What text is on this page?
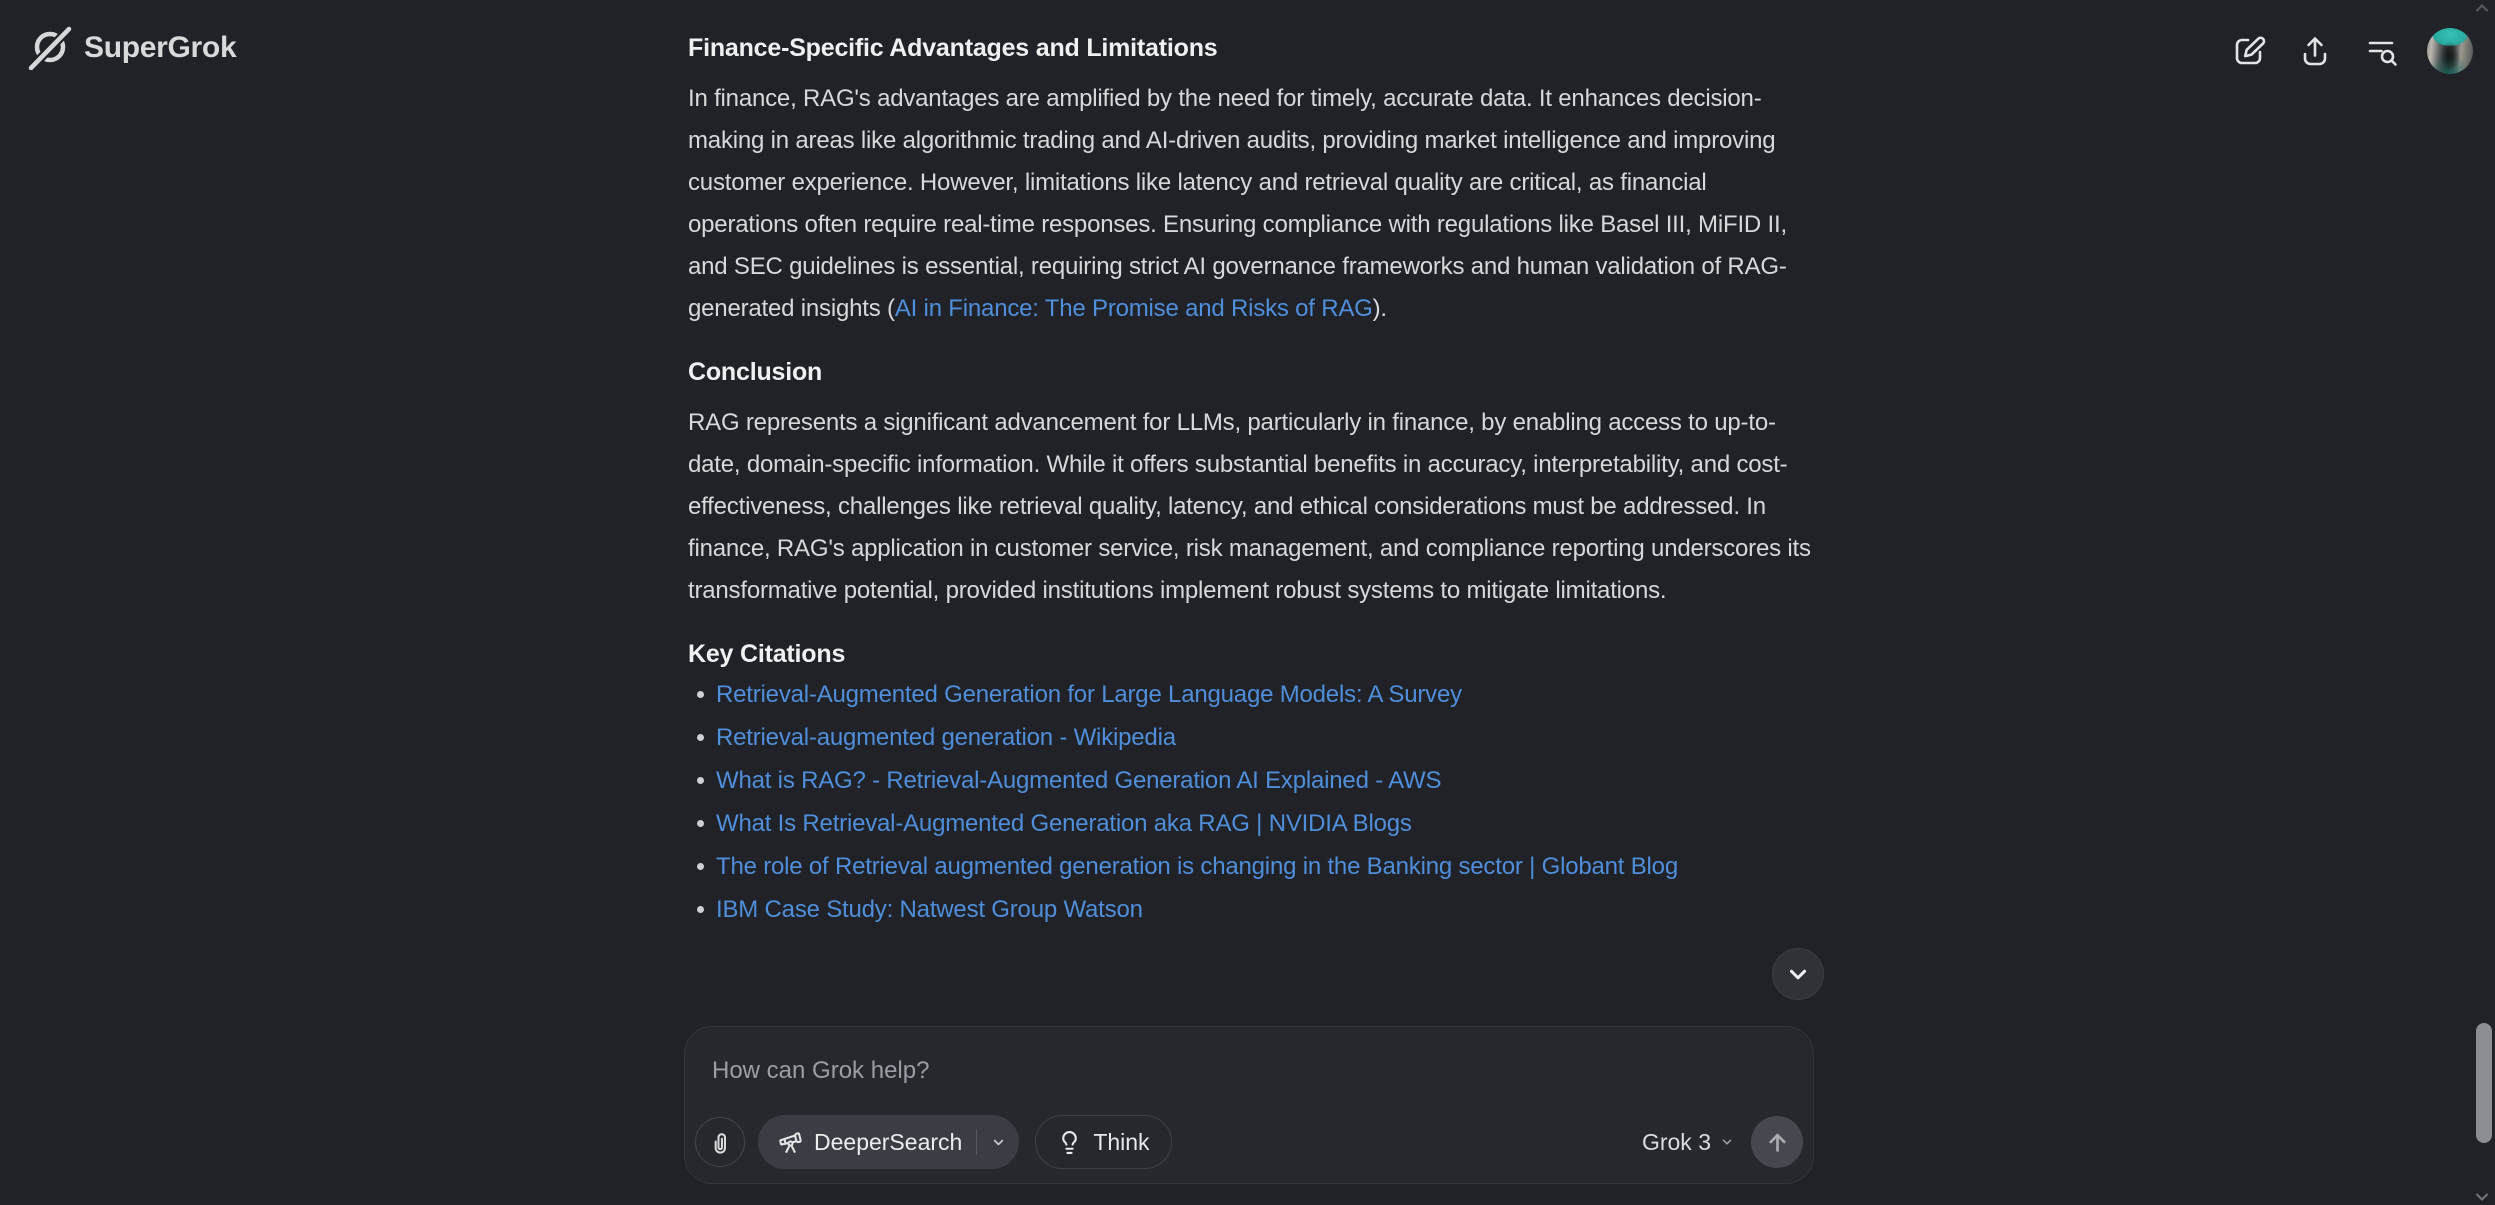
SuperGrok	Finance-Specific Advantages and Limitations

In finance, RAG's advantages are amplified by the need for timely, accurate data. It enhances decision-making in areas like algorithmic trading and AI-driven audits, providing market intelligence and improving customer experience. However, limitations like latency and retrieval quality are critical, as financial operations often require real-time responses. Ensuring compliance with regulations like Basel III, MiFID II, and SEC guidelines is essential, requiring strict AI governance frameworks and human validation of RAG-generated insights (AI in Finance: The Promise and Risks of RAG).

Conclusion

RAG represents a significant advancement for LLMs, particularly in finance, by enabling access to up-to-date, domain-specific information. While it offers substantial benefits in accuracy, interpretability, and cost-effectiveness, challenges like retrieval quality, latency, and ethical considerations must be addressed. In finance, RAG's application in customer service, risk management, and compliance reporting underscores its transformative potential, provided institutions implement robust systems to mitigate limitations.

Key Citations
Retrieval-Augmented Generation for Large Language Models: A Survey
Retrieval-augmented generation - Wikipedia
What is RAG? - Retrieval-Augmented Generation AI Explained - AWS
What Is Retrieval-Augmented Generation aka RAG | NVIDIA Blogs
The role of Retrieval augmented generation is changing in the Banking sector | Globant Blog
IBM Case Study: Natwest Group Watson
How can Grok help?
DeeperSearch	Think	Grok 3
